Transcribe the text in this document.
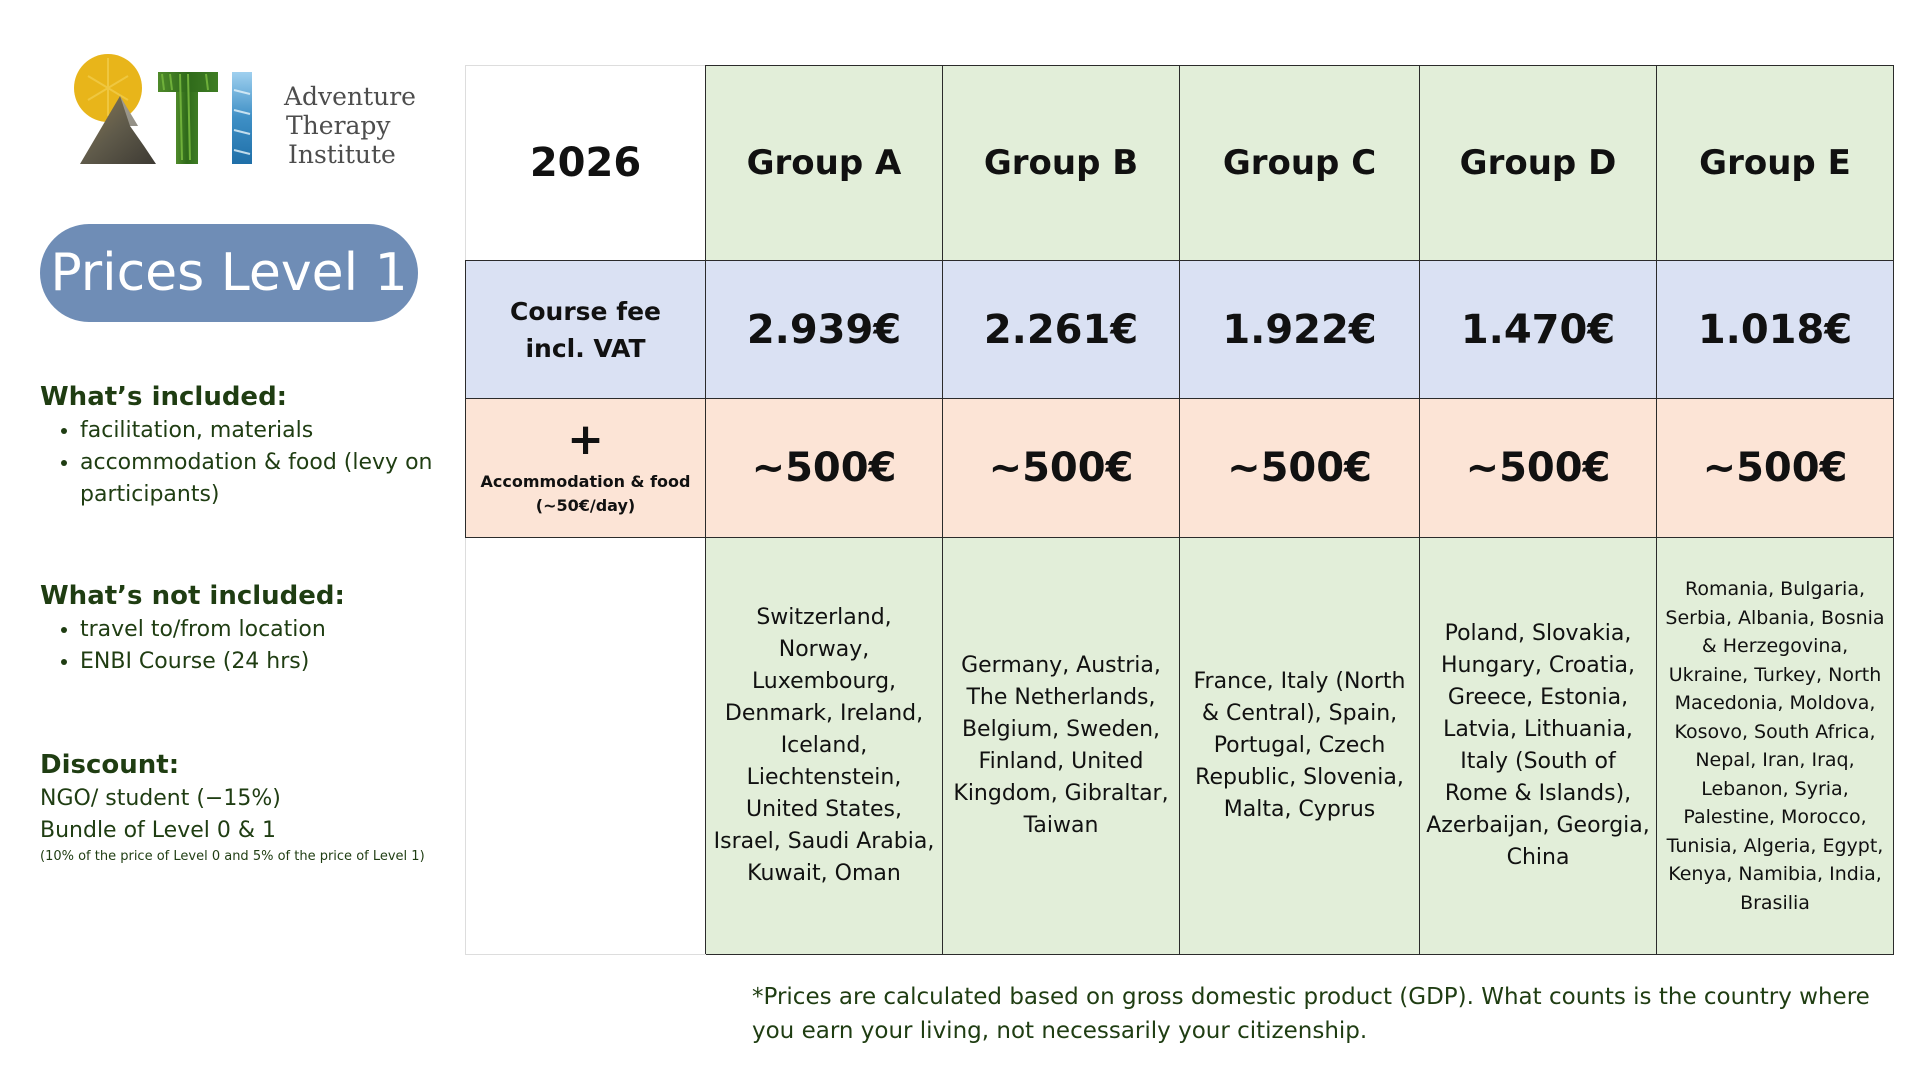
Adventure
Therapy
Institute
Prices Level 1
What’s included:
• facilitation, materials
• accommodation & food (levy on participants)
What’s not included:
• travel to/from location
• ENBI Course (24 hrs)
Discount:
NGO/ student (−15%)
Bundle of Level 0 & 1
(10% of the price of Level 0 and 5% of the price of Level 1)
2026	Group A	Group B	Group C	Group D	Group E

Course fee
incl. VAT	2.939€	2.261€	1.922€	1.470€	1.018€

+
Accommodation & food
(~50€/day)	~500€	~500€	~500€	~500€	~500€

	Switzerland, Norway, Luxembourg, Denmark, Ireland, Iceland, Liechtenstein, United States, Israel, Saudi Arabia, Kuwait, Oman	Germany, Austria, The Netherlands, Belgium, Sweden, Finland, United Kingdom, Gibraltar, Taiwan	France, Italy (North & Central), Spain, Portugal, Czech Republic, Slovenia, Malta, Cyprus	Poland, Slovakia, Hungary, Croatia, Greece, Estonia, Latvia, Lithuania, Italy (South of Rome & Islands), Azerbaijan, Georgia, China	Romania, Bulgaria, Serbia, Albania, Bosnia & Herzegovina, Ukraine, Turkey, North Macedonia, Moldova, Kosovo, South Africa, Nepal, Iran, Iraq, Lebanon, Syria, Palestine, Morocco, Tunisia, Algeria, Egypt, Kenya, Namibia, India, Brasilia
*Prices are calculated based on gross domestic product (GDP). What counts is the country where you earn your living, not necessarily your citizenship.
